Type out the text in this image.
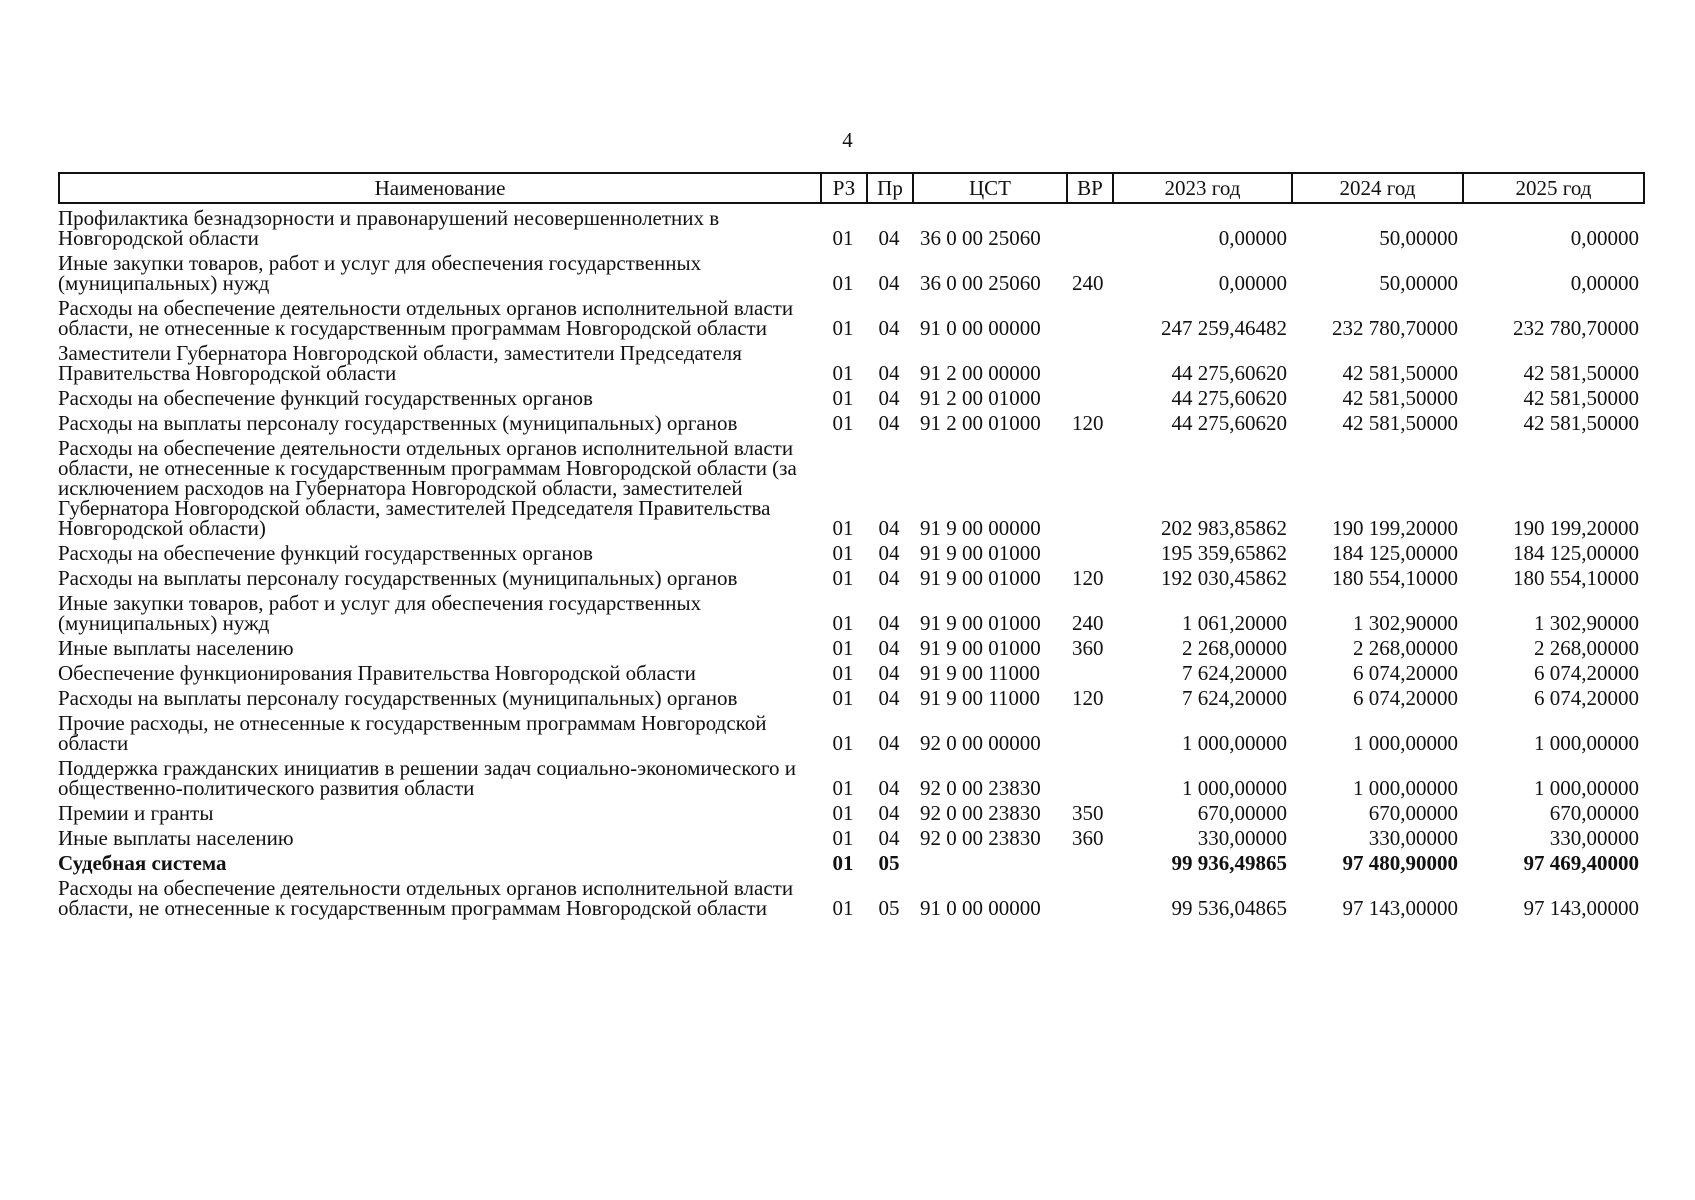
4
Наименование	РЗ	Пр	ЦСТ	ВР	2023 год	2024 год	2025 год
Профилактика безнадзорности и правонарушений несовершеннолетних в Новгородской области	01	04	36 0 00 25060		0,00000	50,00000	0,00000
Иные закупки товаров, работ и услуг для обеспечения государственных (муниципальных) нужд	01	04	36 0 00 25060	240	0,00000	50,00000	0,00000
Расходы на обеспечение деятельности отдельных органов исполнительной власти области, не отнесенные к государственным программам Новгородской области	01	04	91 0 00 00000		247 259,46482	232 780,70000	232 780,70000
Заместители Губернатора Новгородской области, заместители Председателя Правительства Новгородской области	01	04	91 2 00 00000		44 275,60620	42 581,50000	42 581,50000
Расходы на обеспечение функций государственных органов	01	04	91 2 00 01000		44 275,60620	42 581,50000	42 581,50000
Расходы на выплаты персоналу государственных (муниципальных) органов	01	04	91 2 00 01000	120	44 275,60620	42 581,50000	42 581,50000
Расходы на обеспечение деятельности отдельных органов исполнительной власти области, не отнесенные к государственным программам Новгородской области (за исключением расходов на Губернатора Новгородской области, заместителей Губернатора Новгородской области, заместителей Председателя Правительства Новгородской области)	01	04	91 9 00 00000		202 983,85862	190 199,20000	190 199,20000
Расходы на обеспечение функций государственных органов	01	04	91 9 00 01000		195 359,65862	184 125,00000	184 125,00000
Расходы на выплаты персоналу государственных (муниципальных) органов	01	04	91 9 00 01000	120	192 030,45862	180 554,10000	180 554,10000
Иные закупки товаров, работ и услуг для обеспечения государственных (муниципальных) нужд	01	04	91 9 00 01000	240	1 061,20000	1 302,90000	1 302,90000
Иные выплаты населению	01	04	91 9 00 01000	360	2 268,00000	2 268,00000	2 268,00000
Обеспечение функционирования Правительства Новгородской области	01	04	91 9 00 11000		7 624,20000	6 074,20000	6 074,20000
Расходы на выплаты персоналу государственных (муниципальных) органов	01	04	91 9 00 11000	120	7 624,20000	6 074,20000	6 074,20000
Прочие расходы, не отнесенные к государственным программам Новгородской области	01	04	92 0 00 00000		1 000,00000	1 000,00000	1 000,00000
Поддержка гражданских инициатив в решении задач социально-экономического и общественно-политического развития области	01	04	92 0 00 23830		1 000,00000	1 000,00000	1 000,00000
Премии и гранты	01	04	92 0 00 23830	350	670,00000	670,00000	670,00000
Иные выплаты населению	01	04	92 0 00 23830	360	330,00000	330,00000	330,00000
Судебная система	01	05			99 936,49865	97 480,90000	97 469,40000
Расходы на обеспечение деятельности отдельных органов исполнительной власти области, не отнесенные к государственным программам Новгородской области	01	05	91 0 00 00000		99 536,04865	97 143,00000	97 143,00000
